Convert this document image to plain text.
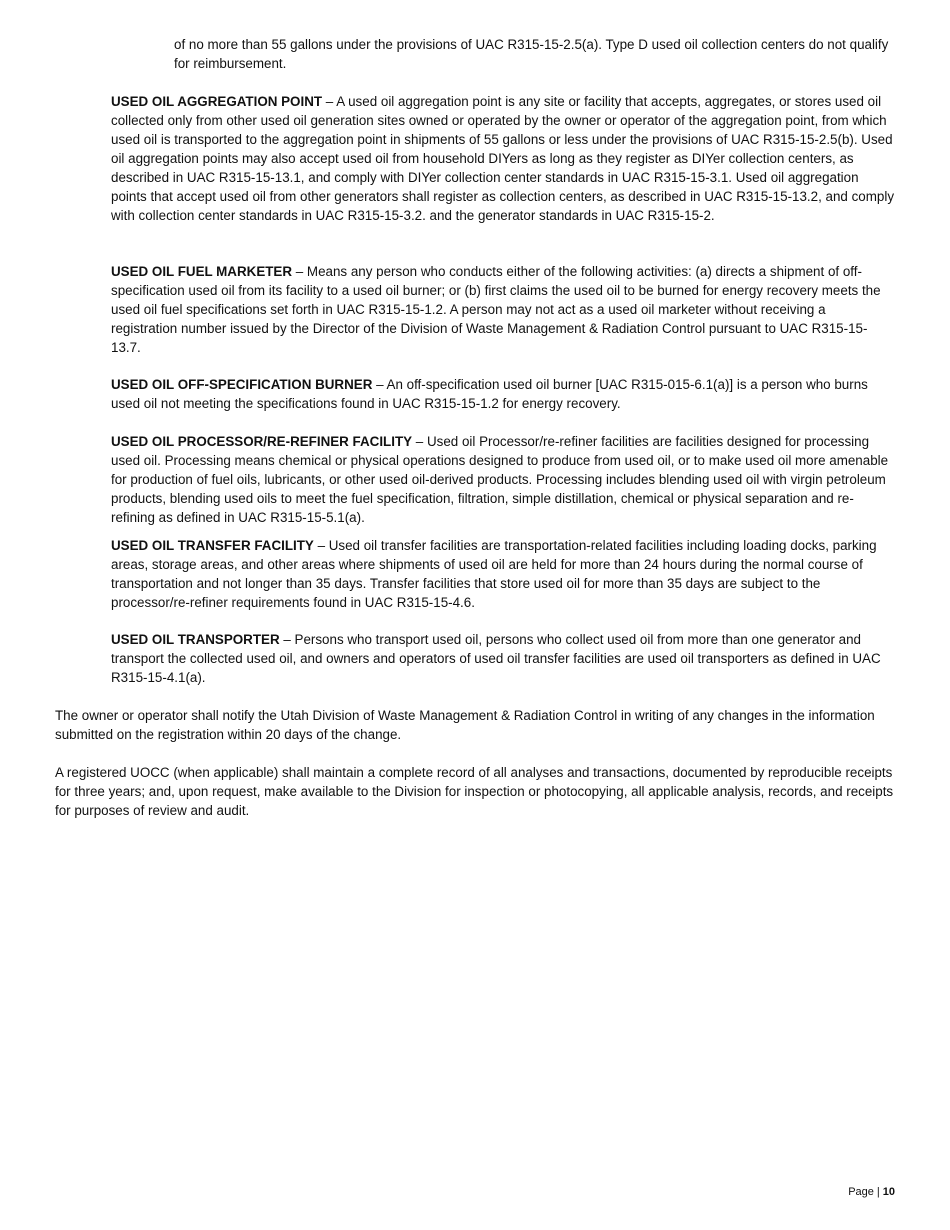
of no more than 55 gallons under the provisions of UAC R315-15-2.5(a). Type D used oil collection centers do not qualify for reimbursement.

USED OIL AGGREGATION POINT – A used oil aggregation point is any site or facility that accepts, aggregates, or stores used oil collected only from other used oil generation sites owned or operated by the owner or operator of the aggregation point, from which used oil is transported to the aggregation point in shipments of 55 gallons or less under the provisions of UAC R315-15-2.5(b). Used oil aggregation points may also accept used oil from household DIYers as long as they register as DIYer collection centers, as described in UAC R315-15-13.1, and comply with DIYer collection center standards in UAC R315-15-3.1. Used oil aggregation points that accept used oil from other generators shall register as collection centers, as described in UAC R315-15-13.2, and comply with collection center standards in UAC R315-15-3.2. and the generator standards in UAC R315-15-2.

USED OIL FUEL MARKETER – Means any person who conducts either of the following activities: (a) directs a shipment of off-specification used oil from its facility to a used oil burner; or (b) first claims the used oil to be burned for energy recovery meets the used oil fuel specifications set forth in UAC R315-15-1.2. A person may not act as a used oil marketer without receiving a registration number issued by the Director of the Division of Waste Management & Radiation Control pursuant to UAC R315-15-13.7.

USED OIL OFF-SPECIFICATION BURNER – An off-specification used oil burner [UAC R315-015-6.1(a)] is a person who burns used oil not meeting the specifications found in UAC R315-15-1.2 for energy recovery.

USED OIL PROCESSOR/RE-REFINER FACILITY – Used oil Processor/re-refiner facilities are facilities designed for processing used oil. Processing means chemical or physical operations designed to produce from used oil, or to make used oil more amenable for production of fuel oils, lubricants, or other used oil-derived products. Processing includes blending used oil with virgin petroleum products, blending used oils to meet the fuel specification, filtration, simple distillation, chemical or physical separation and re-refining as defined in UAC R315-15-5.1(a).

USED OIL TRANSFER FACILITY – Used oil transfer facilities are transportation-related facilities including loading docks, parking areas, storage areas, and other areas where shipments of used oil are held for more than 24 hours during the normal course of transportation and not longer than 35 days. Transfer facilities that store used oil for more than 35 days are subject to the processor/re-refiner requirements found in UAC R315-15-4.6.

USED OIL TRANSPORTER – Persons who transport used oil, persons who collect used oil from more than one generator and transport the collected used oil, and owners and operators of used oil transfer facilities are used oil transporters as defined in UAC R315-15-4.1(a).

The owner or operator shall notify the Utah Division of Waste Management & Radiation Control in writing of any changes in the information submitted on the registration within 20 days of the change.

A registered UOCC (when applicable) shall maintain a complete record of all analyses and transactions, documented by reproducible receipts for three years; and, upon request, make available to the Division for inspection or photocopying, all applicable analysis, records, and receipts for purposes of review and audit.

Page | 10
